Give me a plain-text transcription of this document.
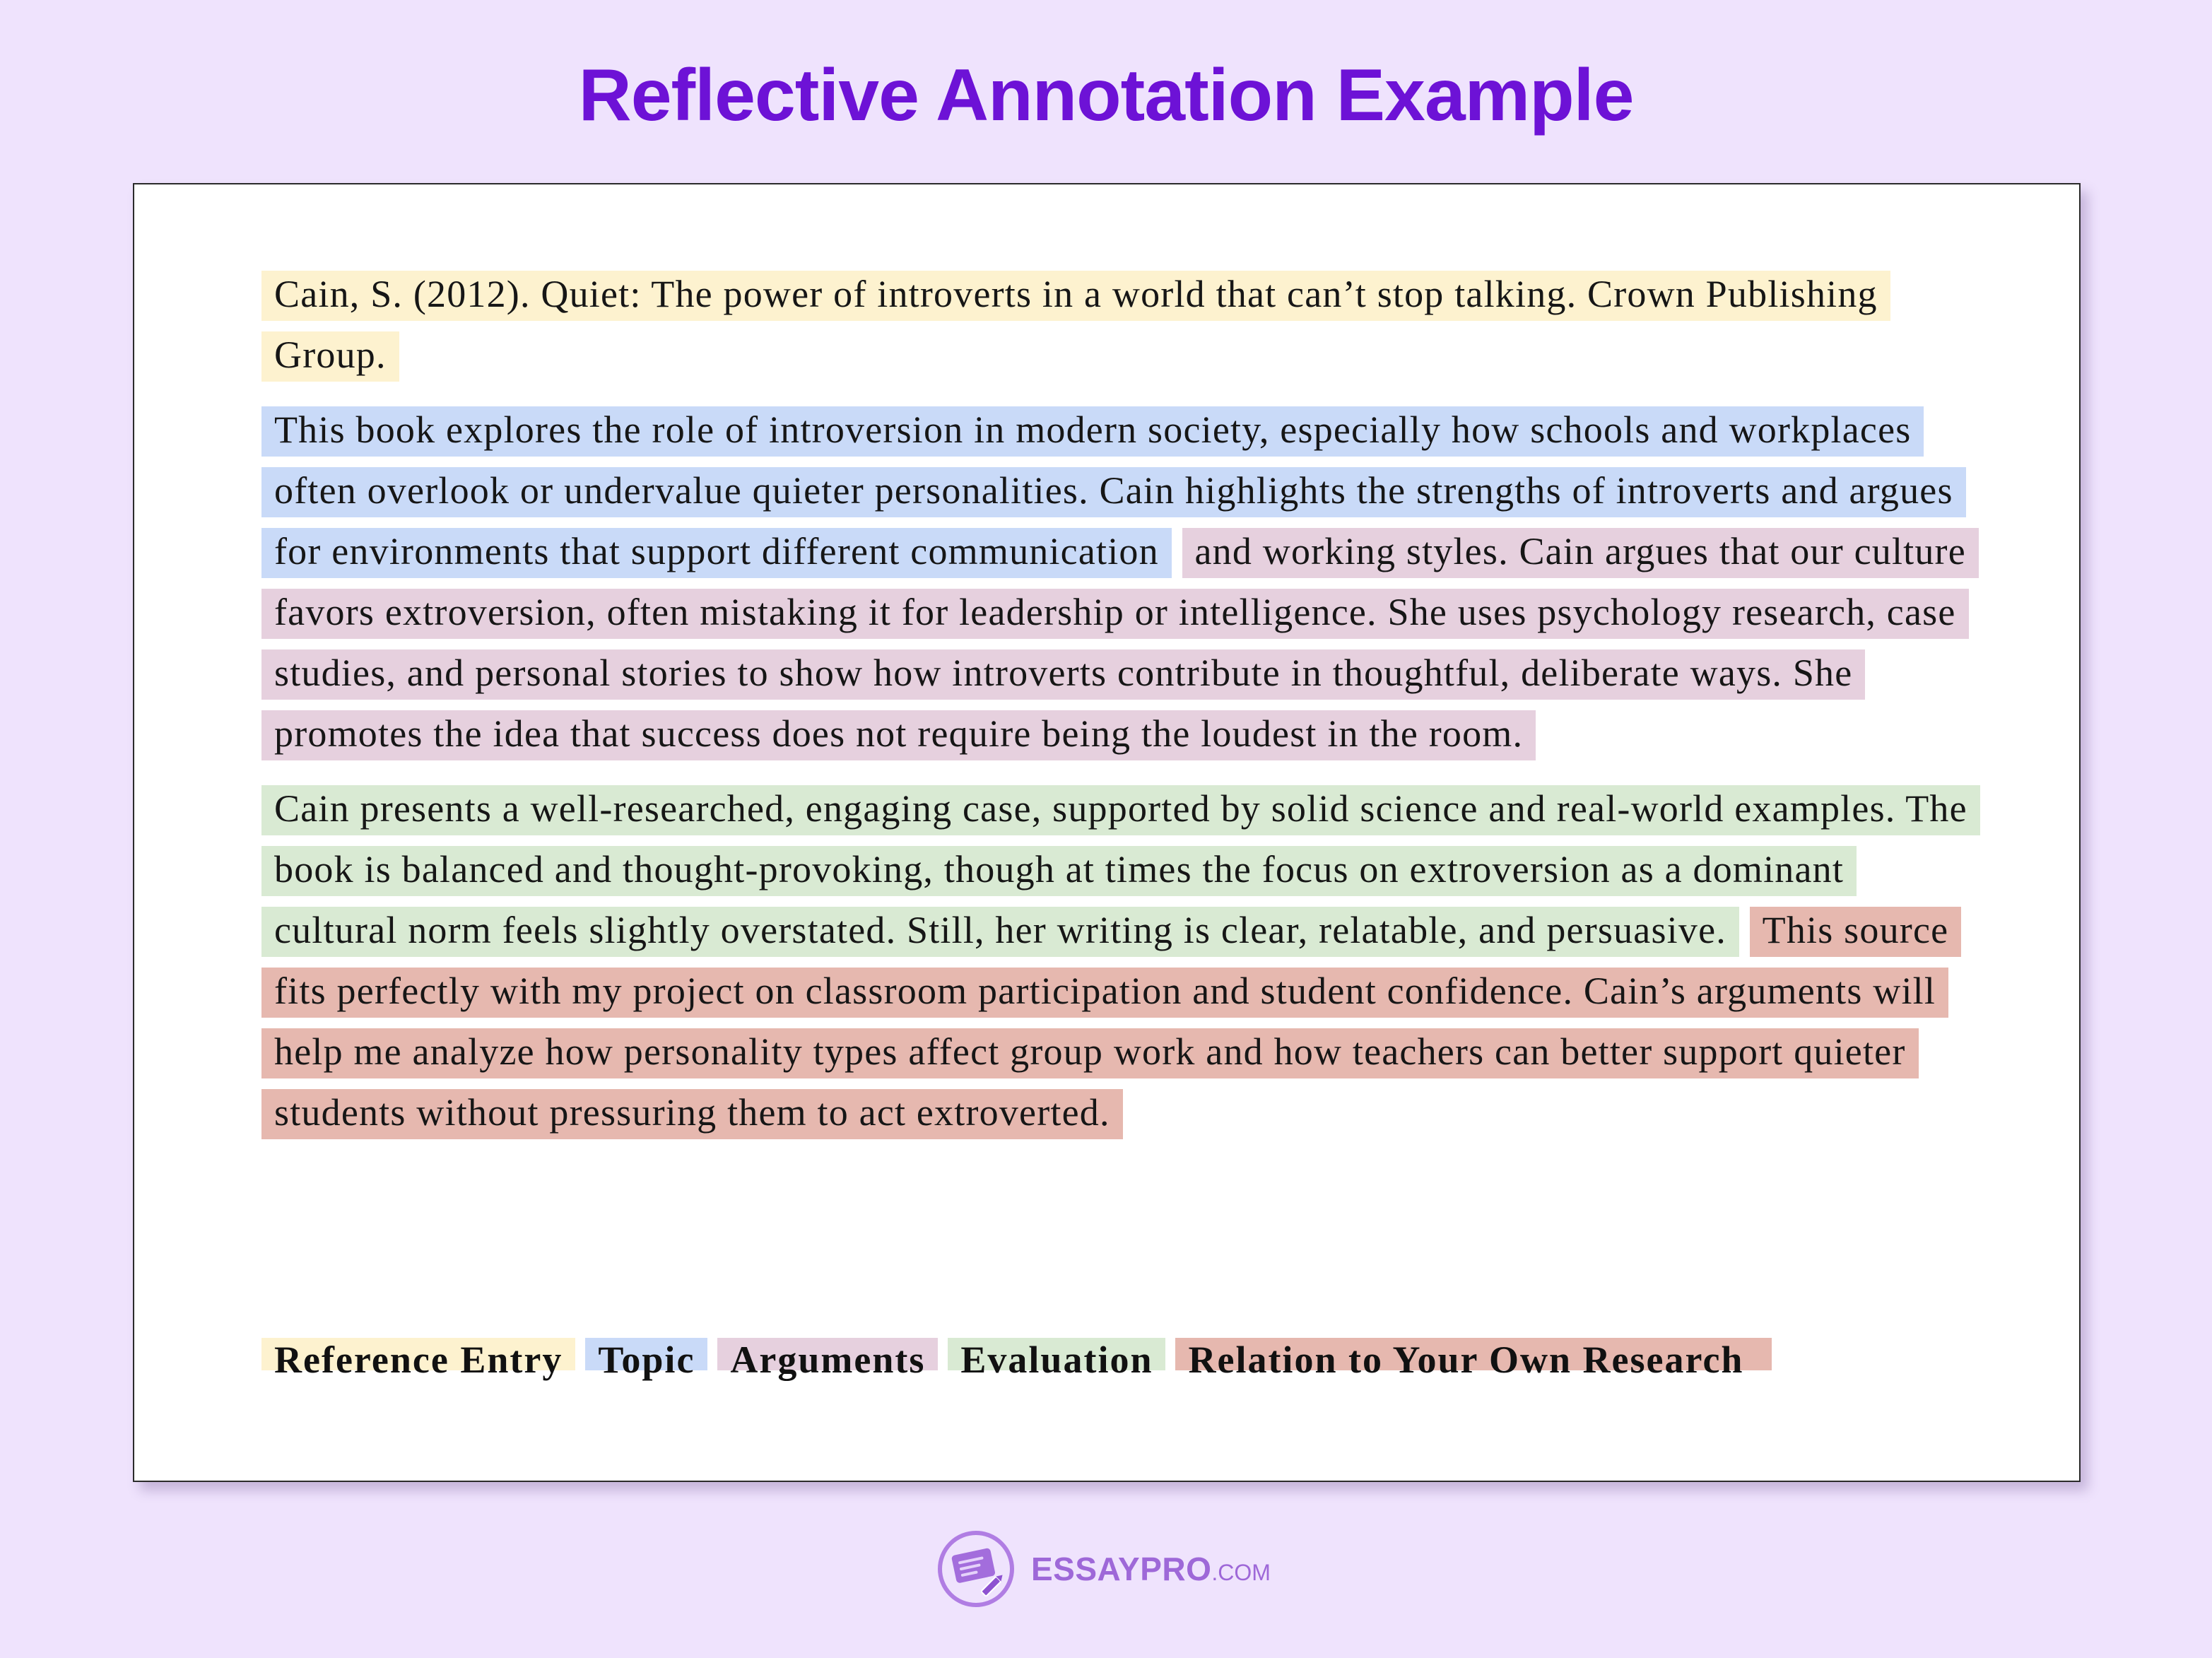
Reflective Annotation Example

Cain, S. (2012). Quiet: The power of introverts in a world that can’t stop talking. Crown Publishing Group.

This book explores the role of introversion in modern society, especially how schools and workplaces often overlook or undervalue quieter personalities. Cain highlights the strengths of introverts and argues for environments that support different communication and working styles. Cain argues that our culture favors extroversion, often mistaking it for leadership or intelligence. She uses psychology research, case studies, and personal stories to show how introverts contribute in thoughtful, deliberate ways. She promotes the idea that success does not require being the loudest in the room.

Cain presents a well-researched, engaging case, supported by solid science and real-world examples. The book is balanced and thought-provoking, though at times the focus on extroversion as a dominant cultural norm feels slightly overstated. Still, her writing is clear, relatable, and persuasive. This source fits perfectly with my project on classroom participation and student confidence. Cain’s arguments will help me analyze how personality types affect group work and how teachers can better support quieter students without pressuring them to act extroverted.

Reference Entry Topic Arguments Evaluation Relation to Your Own Research
ESSAYPRO.COM
